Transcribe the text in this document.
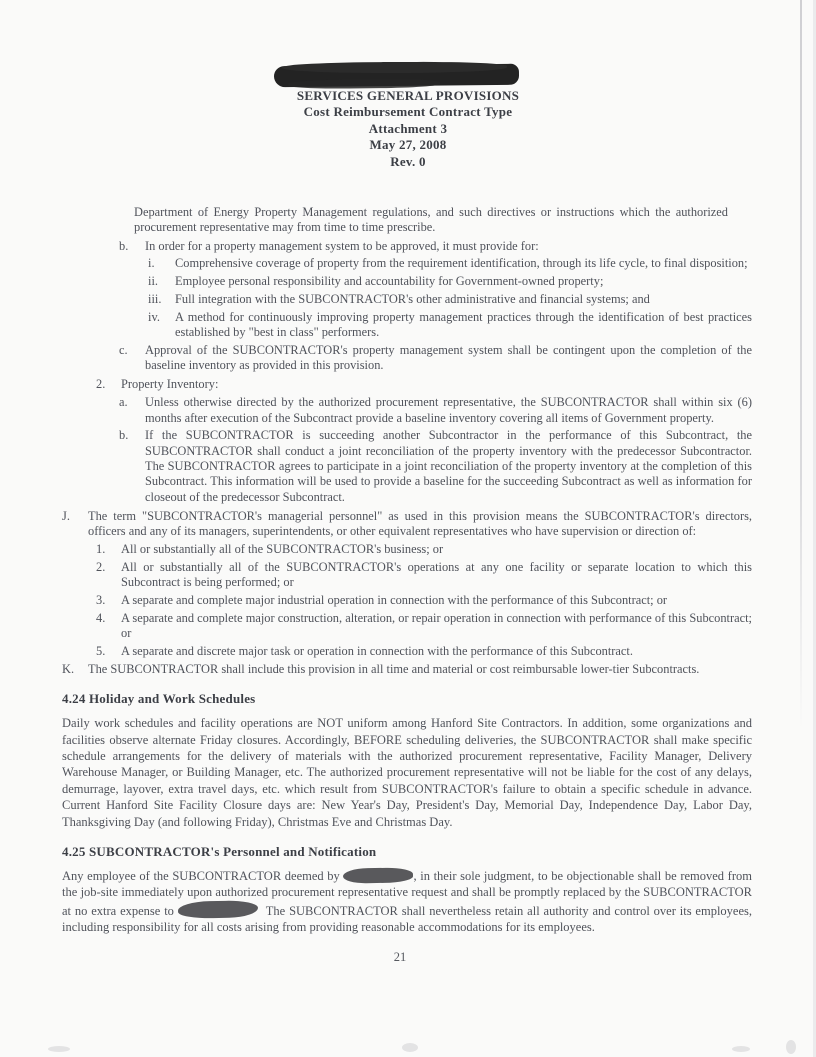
SERVICES GENERAL PROVISIONS
Cost Reimbursement Contract Type
Attachment 3
May 27, 2008
Rev. 0

Department of Energy Property Management regulations, and such directives or instructions which the authorized procurement representative may from time to time prescribe.

b.	In order for a property management system to be approved, it must provide for:
i.	Comprehensive coverage of property from the requirement identification, through its life cycle, to final disposition;
ii.	Employee personal responsibility and accountability for Government-owned property;
iii.	Full integration with the SUBCONTRACTOR's other administrative and financial systems; and
iv.	A method for continuously improving property management practices through the identification of best practices established by "best in class" performers.
c.	Approval of the SUBCONTRACTOR's property management system shall be contingent upon the completion of the baseline inventory as provided in this provision.
2.	Property Inventory:
a.	Unless otherwise directed by the authorized procurement representative, the SUBCONTRACTOR shall within six (6) months after execution of the Subcontract provide a baseline inventory covering all items of Government property.
b.	If the SUBCONTRACTOR is succeeding another Subcontractor in the performance of this Subcontract, the SUBCONTRACTOR shall conduct a joint reconciliation of the property inventory with the predecessor Subcontractor. The SUBCONTRACTOR agrees to participate in a joint reconciliation of the property inventory at the completion of this Subcontract. This information will be used to provide a baseline for the succeeding Subcontract as well as information for closeout of the predecessor Subcontract.
J.	The term "SUBCONTRACTOR's managerial personnel" as used in this provision means the SUBCONTRACTOR's directors, officers and any of its managers, superintendents, or other equivalent representatives who have supervision or direction of:
1.	All or substantially all of the SUBCONTRACTOR's business; or
2.	All or substantially all of the SUBCONTRACTOR's operations at any one facility or separate location to which this Subcontract is being performed; or
3.	A separate and complete major industrial operation in connection with the performance of this Subcontract; or
4.	A separate and complete major construction, alteration, or repair operation in connection with performance of this Subcontract; or
5.	A separate and discrete major task or operation in connection with the performance of this Subcontract.
K.	The SUBCONTRACTOR shall include this provision in all time and material or cost reimbursable lower-tier Subcontracts.
4.24 Holiday and Work Schedules

Daily work schedules and facility operations are NOT uniform among Hanford Site Contractors. In addition, some organizations and facilities observe alternate Friday closures. Accordingly, BEFORE scheduling deliveries, the SUBCONTRACTOR shall make specific schedule arrangements for the delivery of materials with the authorized procurement representative, Facility Manager, Delivery Warehouse Manager, or Building Manager, etc. The authorized procurement representative will not be liable for the cost of any delays, demurrage, layover, extra travel days, etc. which result from SUBCONTRACTOR's failure to obtain a specific schedule in advance. Current Hanford Site Facility Closure days are: New Year's Day, President's Day, Memorial Day, Independence Day, Labor Day, Thanksgiving Day (and following Friday), Christmas Eve and Christmas Day.

4.25 SUBCONTRACTOR's Personnel and Notification

Any employee of the SUBCONTRACTOR deemed by	, in their sole judgment, to be objectionable shall be removed from the job-site immediately upon authorized procurement representative request and shall be promptly replaced by the SUBCONTRACTOR at no extra expense to	The SUBCONTRACTOR shall nevertheless retain all authority and control over its employees, including responsibility for all costs arising from providing reasonable accommodations for its employees.

21
